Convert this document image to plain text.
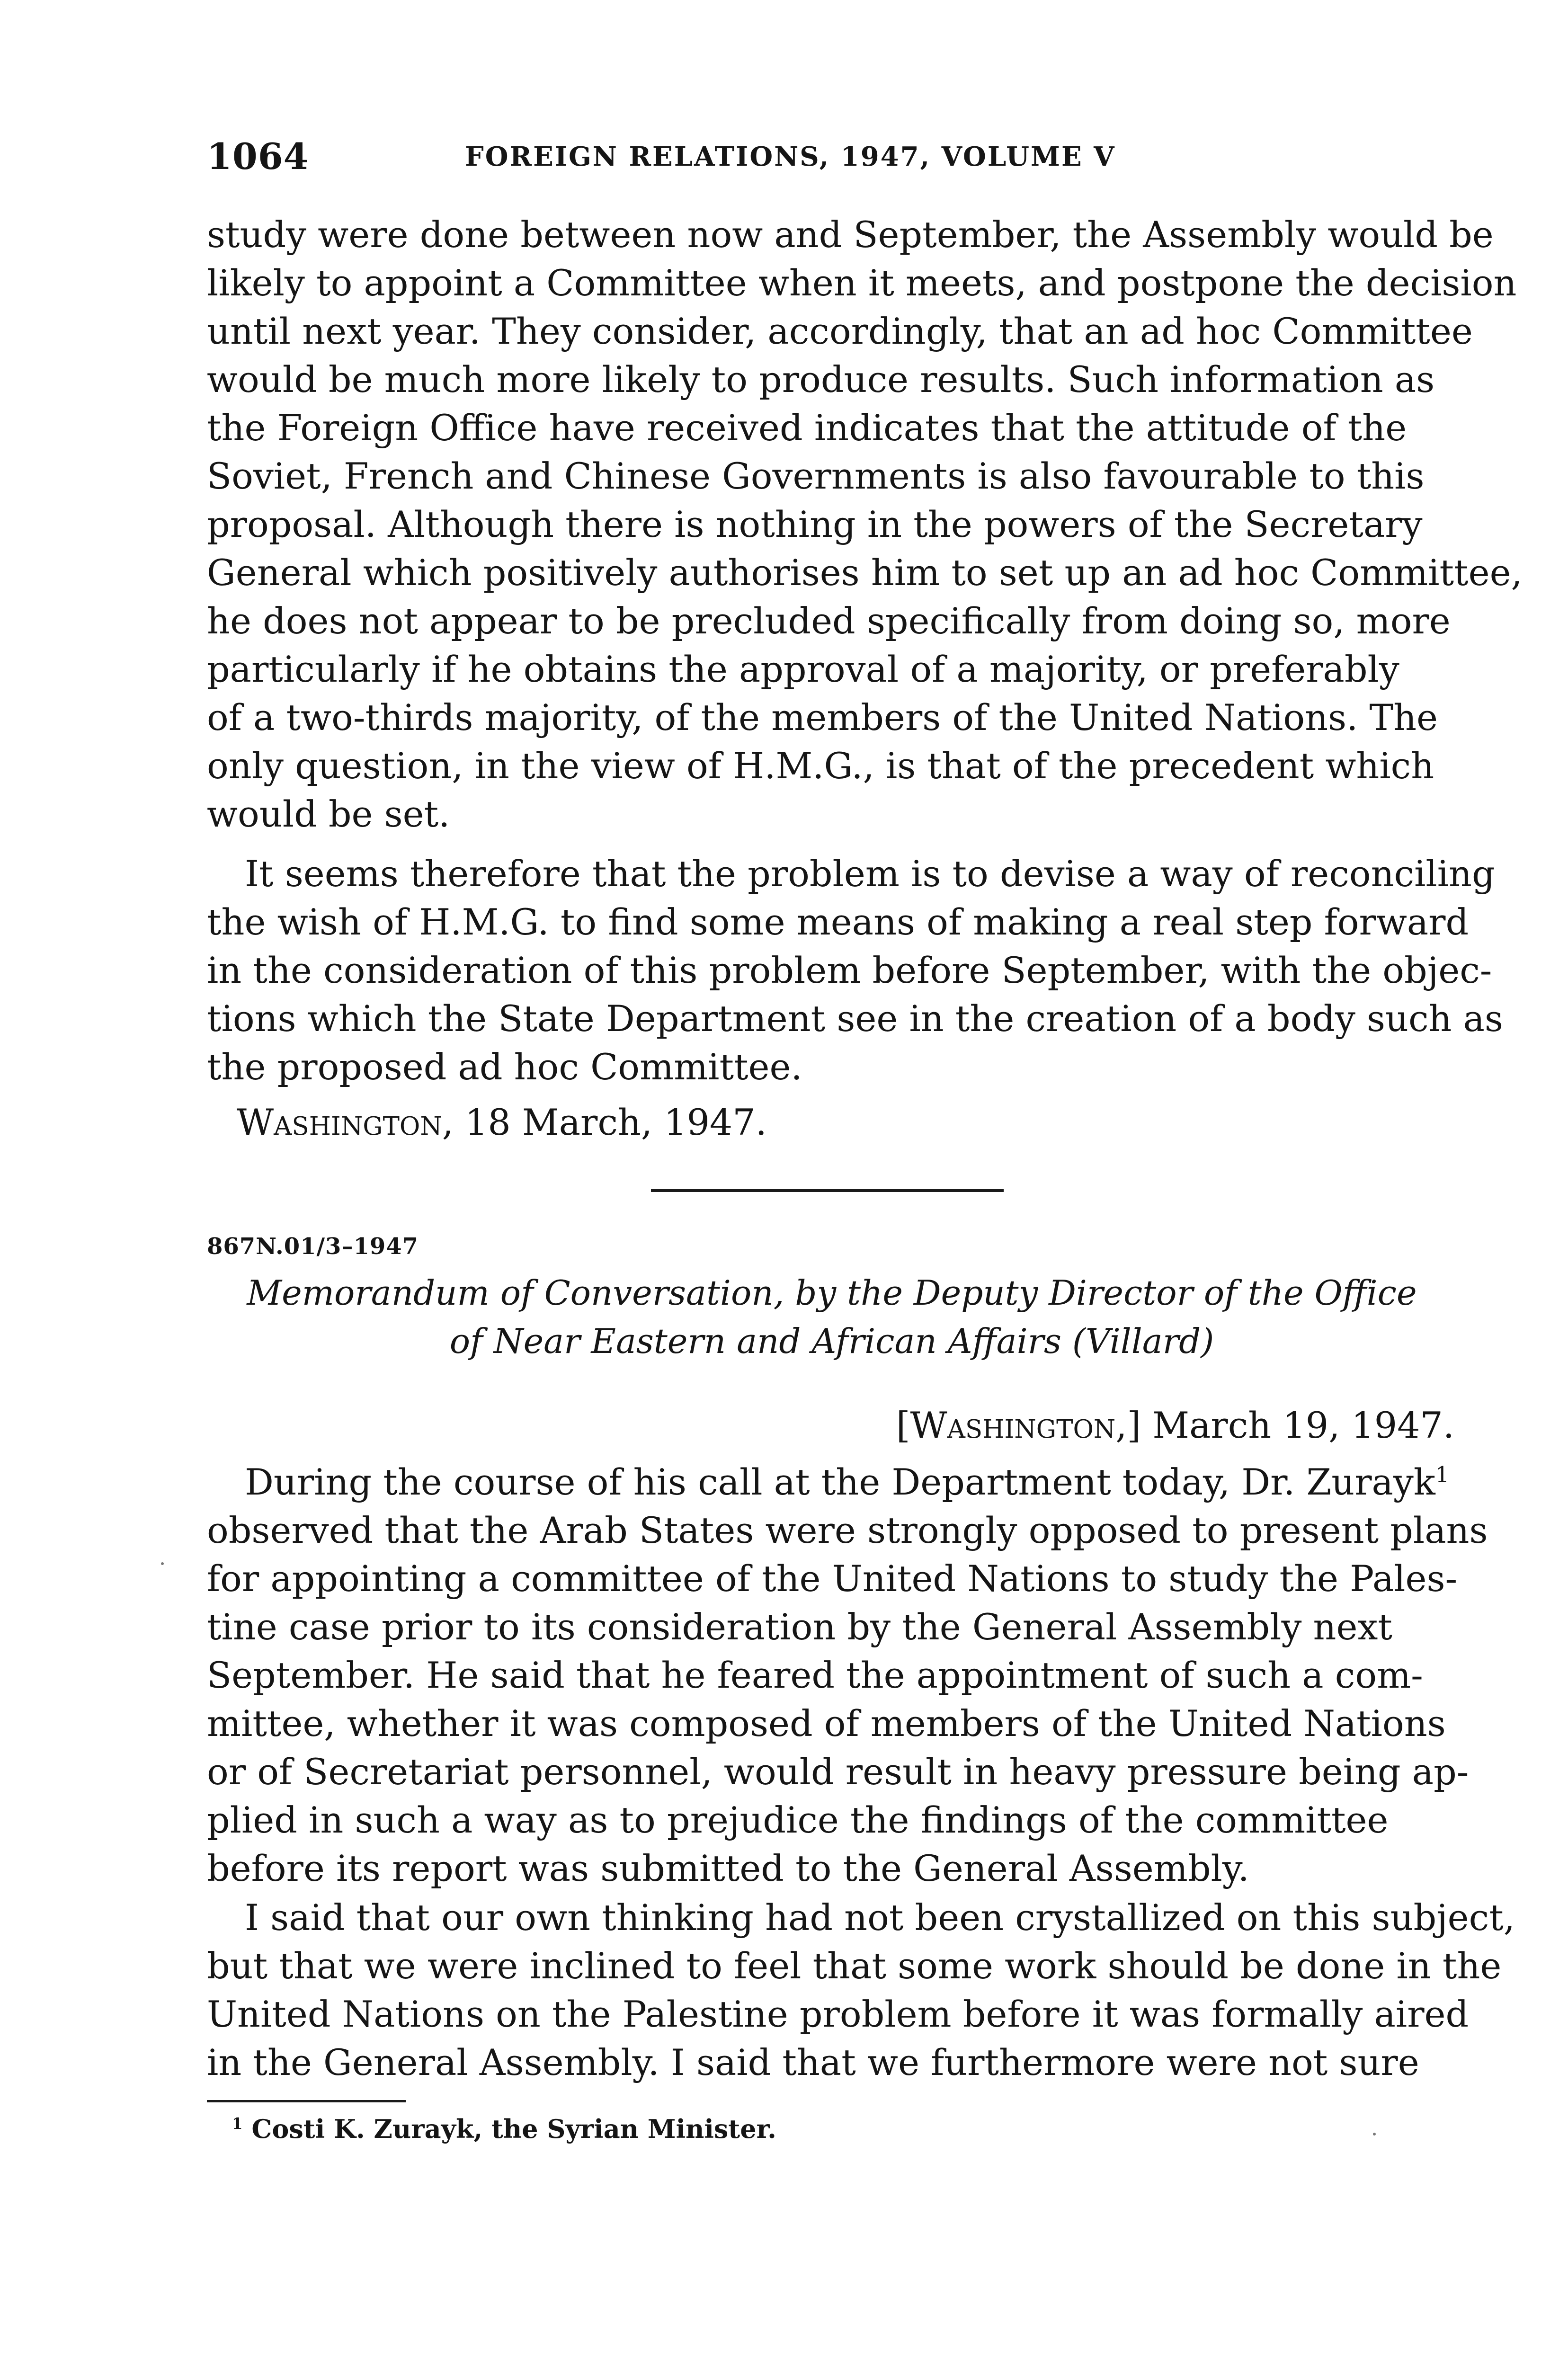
1064	FOREIGN RELATIONS, 1947, VOLUME V
study were done between now and September, the Assembly would be
likely to appoint a Committee when it meets, and postpone the decision
until next year. They consider, accordingly, that an ad hoc Committee
would be much more likely to produce results. Such information as
the Foreign Office have received indicates that the attitude of the
Soviet, French and Chinese Governments is also favourable to this
proposal. Although there is nothing in the powers of the Secretary
General which positively authorises him to set up an ad hoc Committee,
he does not appear to be precluded specifically from doing so, more
particularly if he obtains the approval of a majority, or preferably
of a two-thirds majority, of the members of the United Nations. The
only question, in the view of H.M.G., is that of the precedent which
would be set.
It seems therefore that the problem is to devise a way of reconciling
the wish of H.M.G. to find some means of making a real step forward
in the consideration of this problem before September, with the objec-
tions which the State Department see in the creation of a body such as
the proposed ad hoc Committee.
Washington, 18 March, 1947.
867N.01/3–1947
Memorandum of Conversation, by the Deputy Director of the Office
of Near Eastern and African Affairs (Villard)
[Washington,] March 19, 1947.
During the course of his call at the Department today, Dr. Zurayk$^1$
observed that the Arab States were strongly opposed to present plans
for appointing a committee of the United Nations to study the Pales-
tine case prior to its consideration by the General Assembly next
September. He said that he feared the appointment of such a com-
mittee, whether it was composed of members of the United Nations
or of Secretariat personnel, would result in heavy pressure being ap-
plied in such a way as to prejudice the findings of the committee
before its report was submitted to the General Assembly.
I said that our own thinking had not been crystallized on this subject,
but that we were inclined to feel that some work should be done in the
United Nations on the Palestine problem before it was formally aired
in the General Assembly. I said that we furthermore were not sure
$^1$ Costi K. Zurayk, the Syrian Minister.
